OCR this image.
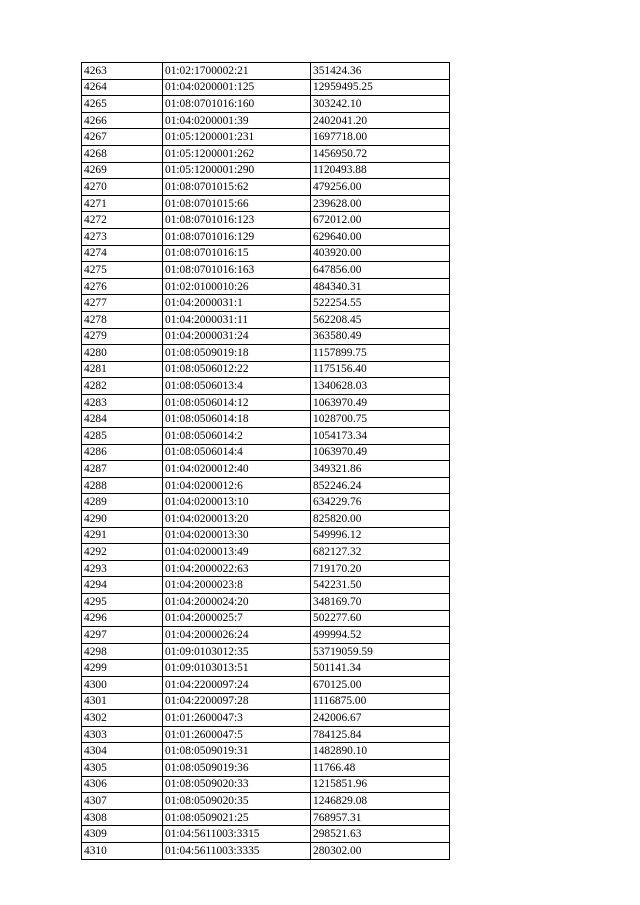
4263	01:02:1700002:21	351424.36
4264	01:04:0200001:125	12959495.25
4265	01:08:0701016:160	303242.10
4266	01:04:0200001:39	2402041.20
4267	01:05:1200001:231	1697718.00
4268	01:05:1200001:262	1456950.72
4269	01:05:1200001:290	1120493.88
4270	01:08:0701015:62	479256.00
4271	01:08:0701015:66	239628.00
4272	01:08:0701016:123	672012.00
4273	01:08:0701016:129	629640.00
4274	01:08:0701016:15	403920.00
4275	01:08:0701016:163	647856.00
4276	01:02:0100010:26	484340.31
4277	01:04:2000031:1	522254.55
4278	01:04:2000031:11	562208.45
4279	01:04:2000031:24	363580.49
4280	01:08:0509019:18	1157899.75
4281	01:08:0506012:22	1175156.40
4282	01:08:0506013:4	1340628.03
4283	01:08:0506014:12	1063970.49
4284	01:08:0506014:18	1028700.75
4285	01:08:0506014:2	1054173.34
4286	01:08:0506014:4	1063970.49
4287	01:04:0200012:40	349321.86
4288	01:04:0200012:6	852246.24
4289	01:04:0200013:10	634229.76
4290	01:04:0200013:20	825820.00
4291	01:04:0200013:30	549996.12
4292	01:04:0200013:49	682127.32
4293	01:04:2000022:63	719170.20
4294	01:04:2000023:8	542231.50
4295	01:04:2000024:20	348169.70
4296	01:04:2000025:7	502277.60
4297	01:04:2000026:24	499994.52
4298	01:09:0103012:35	53719059.59
4299	01:09:0103013:51	501141.34
4300	01:04:2200097:24	670125.00
4301	01:04:2200097:28	1116875.00
4302	01:01:2600047:3	242006.67
4303	01:01:2600047:5	784125.84
4304	01:08:0509019:31	1482890.10
4305	01:08:0509019:36	11766.48
4306	01:08:0509020:33	1215851.96
4307	01:08:0509020:35	1246829.08
4308	01:08:0509021:25	768957.31
4309	01:04:5611003:3315	298521.63
4310	01:04:5611003:3335	280302.00
